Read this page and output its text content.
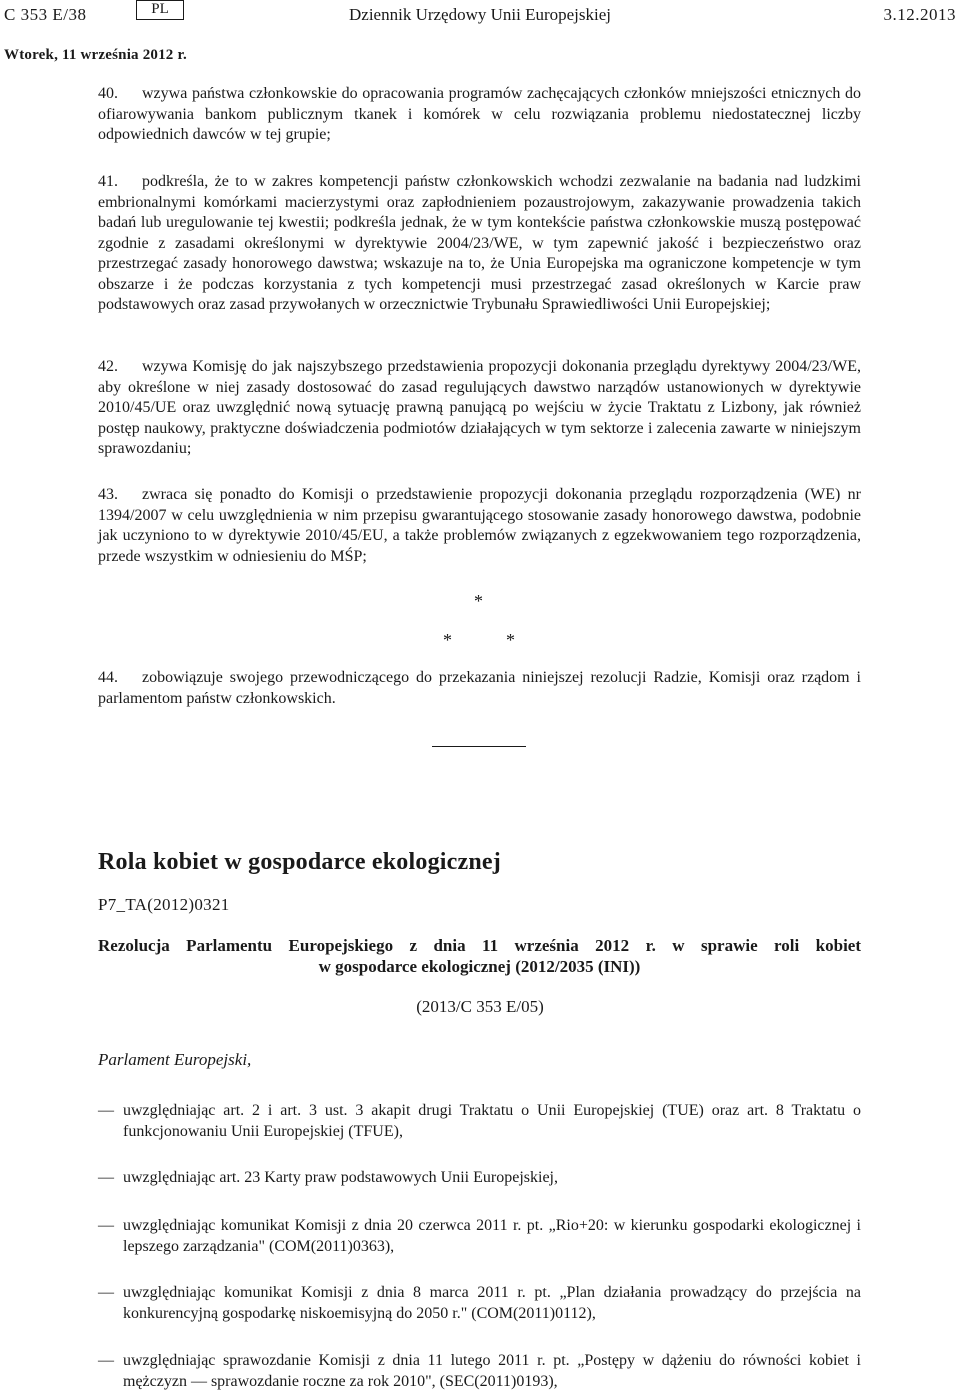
C 353 E/38	PL	Dziennik Urzędowy Unii Europejskiej	3.12.2013
Wtorek, 11 września 2012 r.
40. wzywa państwa członkowskie do opracowania programów zachęcających członków mniejszości etnicznych do ofiarowywania bankom publicznym tkanek i komórek w celu rozwiązania problemu niedostatecznej liczby odpowiednich dawców w tej grupie;
41. podkreśla, że to w zakres kompetencji państw członkowskich wchodzi zezwalanie na badania nad ludzkimi embrionalnymi komórkami macierzystymi oraz zapłodnieniem pozaustrojowym, zakazywanie prowadzenia takich badań lub uregulowanie tej kwestii; podkreśla jednak, że w tym kontekście państwa członkowskie muszą postępować zgodnie z zasadami określonymi w dyrektywie 2004/23/WE, w tym zapewnić jakość i bezpieczeństwo oraz przestrzegać zasady honorowego dawstwa; wskazuje na to, że Unia Europejska ma ograniczone kompetencje w tym obszarze i że podczas korzystania z tych kompetencji musi przestrzegać zasad określonych w Karcie praw podstawowych oraz zasad przywołanych w orzecznictwie Trybunału Sprawiedliwości Unii Europejskiej;
42. wzywa Komisję do jak najszybszego przedstawienia propozycji dokonania przeglądu dyrektywy 2004/23/WE, aby określone w niej zasady dostosować do zasad regulujących dawstwo narządów ustanowionych w dyrektywie 2010/45/UE oraz uwzględnić nową sytuację prawną panującą po wejściu w życie Traktatu z Lizbony, jak również postęp naukowy, praktyczne doświadczenia podmiotów działających w tym sektorze i zalecenia zawarte w niniejszym sprawozdaniu;
43. zwraca się ponadto do Komisji o przedstawienie propozycji dokonania przeglądu rozporządzenia (WE) nr 1394/2007 w celu uwzględnienia w nim przepisu gwarantującego stosowanie zasady honorowego dawstwa, podobnie jak uczyniono to w dyrektywie 2010/45/EU, a także problemów związanych z egzekwowaniem tego rozporządzenia, przede wszystkim w odniesieniu do MŚP;
*
*	*
44. zobowiązuje swojego przewodniczącego do przekazania niniejszej rezolucji Radzie, Komisji oraz rządom i parlamentom państw członkowskich.
Rola kobiet w gospodarce ekologicznej
P7_TA(2012)0321
Rezolucja Parlamentu Europejskiego z dnia 11 września 2012 r. w sprawie roli kobiet
w gospodarce ekologicznej (2012/2035 (INI))
(2013/C 353 E/05)
Parlament Europejski,
— uwzględniając art. 2 i art. 3 ust. 3 akapit drugi Traktatu o Unii Europejskiej (TUE) oraz art. 8 Traktatu o funkcjonowaniu Unii Europejskiej (TFUE),
— uwzględniając art. 23 Karty praw podstawowych Unii Europejskiej,
— uwzględniając komunikat Komisji z dnia 20 czerwca 2011 r. pt. „Rio+20: w kierunku gospodarki ekologicznej i lepszego zarządzania" (COM(2011)0363),
— uwzględniając komunikat Komisji z dnia 8 marca 2011 r. pt. „Plan działania prowadzący do przejścia na konkurencyjną gospodarkę niskoemisyjną do 2050 r." (COM(2011)0112),
— uwzględniając sprawozdanie Komisji z dnia 11 lutego 2011 r. pt. „Postępy w dążeniu do równości kobiet i mężczyzn — sprawozdanie roczne za rok 2010", (SEC(2011)0193),
